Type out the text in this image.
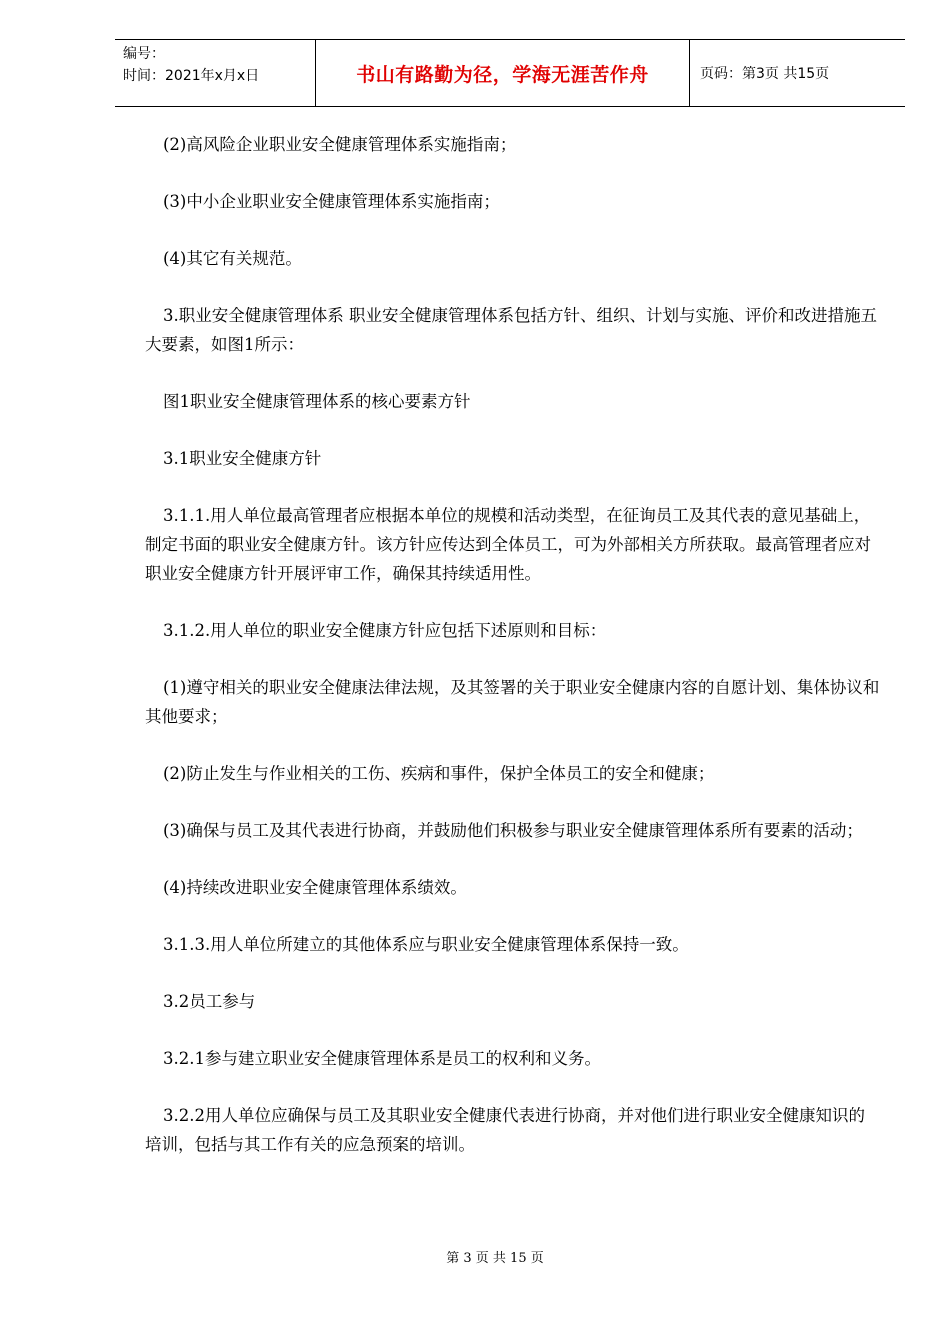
编号：
时间：2021年x月x日	书山有路勤为径，学海无涯苦作舟	页码：第3页 共15页

(2)高风险企业职业安全健康管理体系实施指南；

(3)中小企业职业安全健康管理体系实施指南；

(4)其它有关规范。

3.职业安全健康管理体系 职业安全健康管理体系包括方针、组织、计划与实施、评价和改进措施五大要素，如图1所示：

图1职业安全健康管理体系的核心要素方针

3.1职业安全健康方针

3.1.1.用人单位最高管理者应根据本单位的规模和活动类型，在征询员工及其代表的意见基础上，制定书面的职业安全健康方针。该方针应传达到全体员工，可为外部相关方所获取。最高管理者应对职业安全健康方针开展评审工作，确保其持续适用性。

3.1.2.用人单位的职业安全健康方针应包括下述原则和目标：

(1)遵守相关的职业安全健康法律法规，及其签署的关于职业安全健康内容的自愿计划、集体协议和其他要求；

(2)防止发生与作业相关的工伤、疾病和事件，保护全体员工的安全和健康；

(3)确保与员工及其代表进行协商，并鼓励他们积极参与职业安全健康管理体系所有要素的活动；

(4)持续改进职业安全健康管理体系绩效。

3.1.3.用人单位所建立的其他体系应与职业安全健康管理体系保持一致。

3.2员工参与

3.2.1参与建立职业安全健康管理体系是员工的权利和义务。

3.2.2用人单位应确保与员工及其职业安全健康代表进行协商，并对他们进行职业安全健康知识的培训，包括与其工作有关的应急预案的培训。

第 3 页 共 15 页
